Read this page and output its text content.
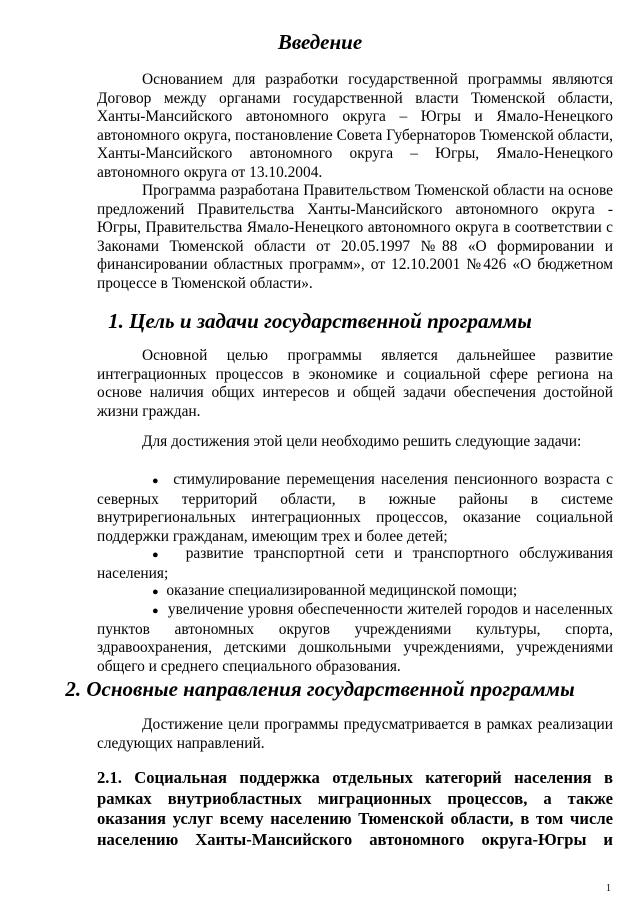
Введение

Основанием для разработки государственной программы являются Договор между органами государственной власти Тюменской области, Ханты-Мансийского автономного округа – Югры и Ямало-Ненецкого автономного округа, постановление Совета Губернаторов Тюменской области, Ханты-Мансийского автономного округа – Югры, Ямало-Ненецкого автономного округа от 13.10.2004.

Программа разработана Правительством Тюменской области на основе предложений Правительства Ханты-Мансийского автономного округа - Югры, Правительства Ямало-Ненецкого автономного округа в соответствии с Законами Тюменской области от 20.05.1997 №88 «О формировании и финансировании областных программ», от 12.10.2001 №426 «О бюджетном процессе в Тюменской области».

1. Цель и задачи государственной программы

Основной целью программы является дальнейшее развитие интеграционных процессов в экономике и социальной сфере региона на основе наличия общих интересов и общей задачи обеспечения достойной жизни граждан.

Для достижения этой цели необходимо решить следующие задачи:

● стимулирование перемещения населения пенсионного возраста с северных территорий области, в южные районы в системе внутрирегиональных интеграционных процессов, оказание социальной поддержки гражданам, имеющим трех и более детей;

● развитие транспортной сети и транспортного обслуживания населения;

● оказание специализированной медицинской помощи;

● увеличение уровня обеспеченности жителей городов и населенных пунктов автономных округов учреждениями культуры, спорта, здравоохранения, детскими дошкольными учреждениями, учреждениями общего и среднего специального образования.

2. Основные направления государственной программы

Достижение цели программы предусматривается в рамках реализации следующих направлений.

2.1. Социальная поддержка отдельных категорий населения в рамках внутриобластных миграционных процессов, а также оказания услуг всему населению Тюменской области, в том числе населению Ханты-Мансийского автономного округа-Югры и
1
